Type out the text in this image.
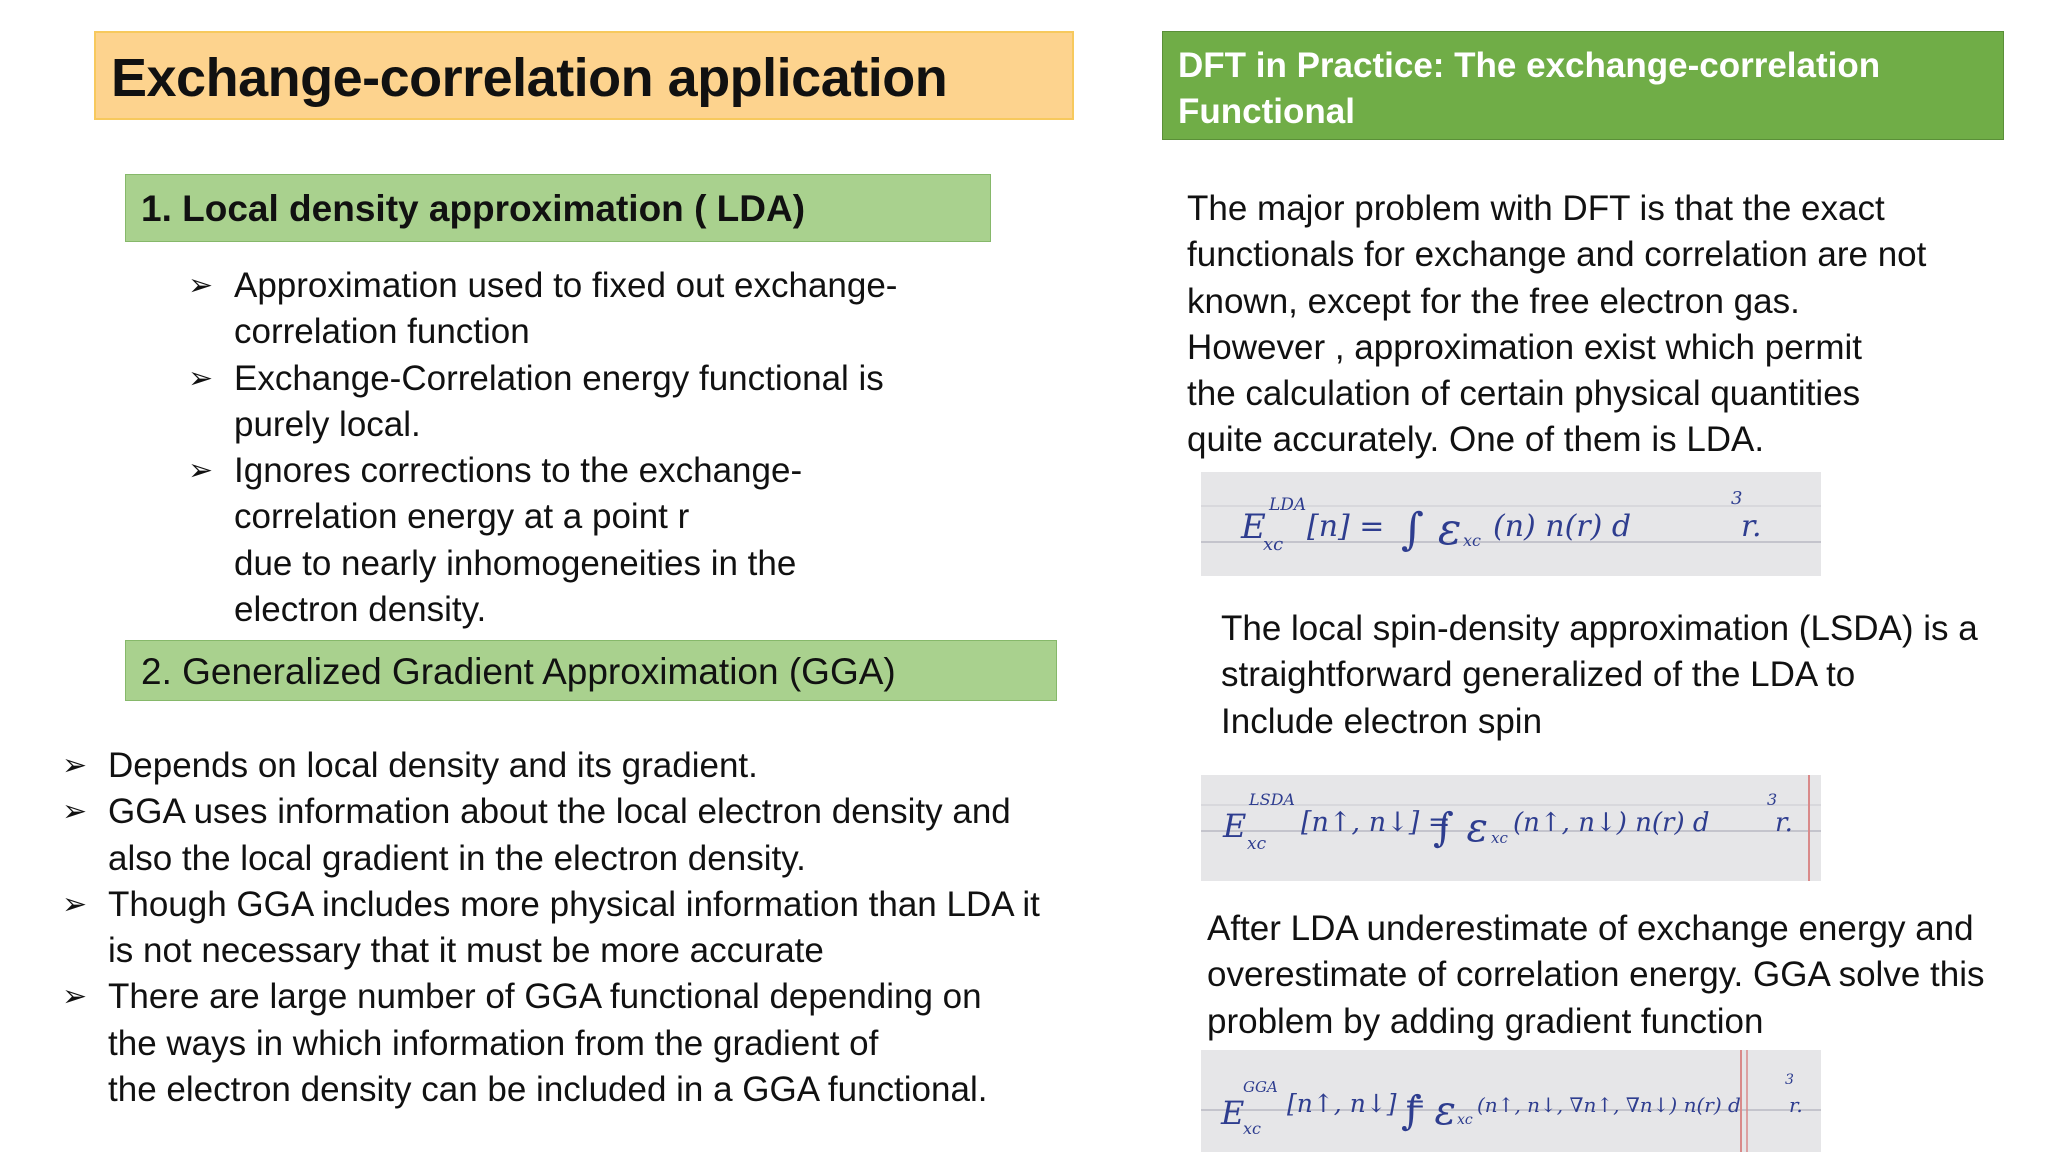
Exchange-correlation application
1. Local density approximation ( LDA)
➢ Approximation used to fixed out exchange-
correlation function
➢ Exchange-Correlation energy functional is
purely local.
➢ Ignores corrections to the exchange-
correlation energy at a point r
due to nearly inhomogeneities in the
electron density.
2. Generalized Gradient Approximation (GGA)
➢ Depends on local density and its gradient.
➢ GGA uses information about the local electron density and
also the local gradient in the electron density.
➢ Though GGA includes more physical information than LDA it
is not necessary that it must be more accurate
➢ There are large number of GGA functional depending on
the ways in which information from the gradient of
the electron density can be included in a GGA functional.
DFT in Practice: The exchange-correlation Functional
The major problem with DFT is that the exact
functionals for exchange and correlation are not
known, except for the free electron gas.
However , approximation exist which permit
the calculation of certain physical quantities
quite accurately. One of them is LDA.
E
LDA
xc
[n] = ∫ ε xc (n) n(r) d
3
r.
The local spin-density approximation (LSDA) is a
straightforward generalized of the LDA to
Include electron spin
E
LSDA
xc
[n↑, n↓] =
∫ ε xc (n↑, n↓) n(r) d
3
r.
After LDA underestimate of exchange energy and
overestimate of correlation energy. GGA solve this
problem by adding gradient function
E
GGA
xc
[n↑, n↓] =
∫ ε xc
(n↑, n↓, ∇n↑, ∇n↓) n(r) d
3
r.
